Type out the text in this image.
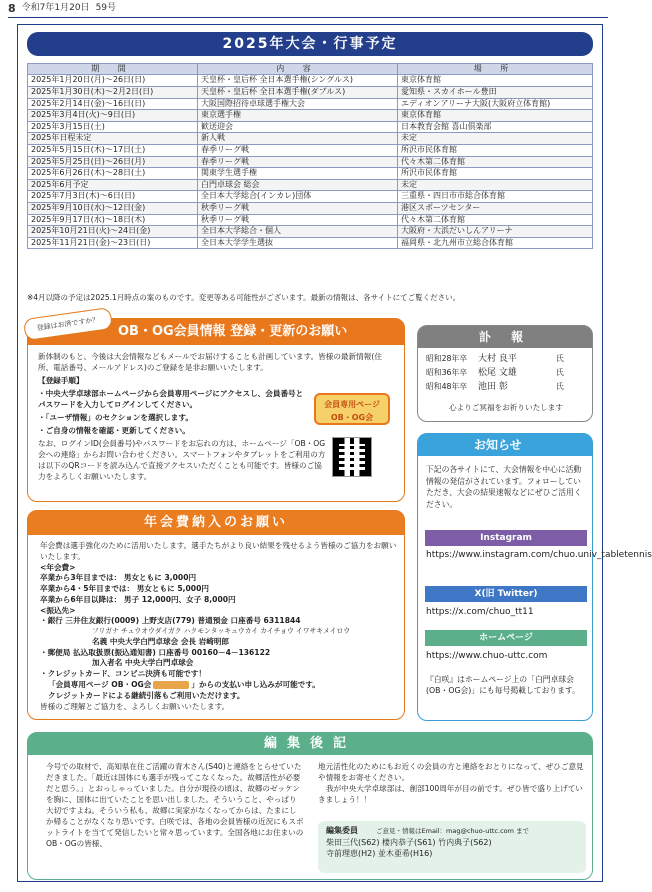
8 令和7年1月20日 59号
2025年大会・行事予定
期 間	内 容	場 所
2025年1月20日(月)～26日(日)	天皇杯・皇后杯 全日本選手権(シングルス)	東京体育館
2025年1月30日(木)～2月2日(日)	天皇杯・皇后杯 全日本選手権(ダブルス)	愛知県・スカイホール豊田
2025年2月14日(金)～16日(日)	大阪国際招待卓球選手権大会	エディオンアリーナ大阪(大阪府立体育館)
2025年3月4日(火)～9日(日)	東京選手権	東京体育館
2025年3月15日(土)	歓送迎会	日本教育会館 喜山倶楽部
2025年日程未定	新人戦	未定
2025年5月15日(木)～17日(土)	春季リーグ戦	所沢市民体育館
2025年5月25日(日)～26日(月)	春季リーグ戦	代々木第二体育館
2025年6月26日(木)～28日(土)	関東学生選手権	所沢市民体育館
2025年6月予定	白門卓球会 総会	未定
2025年7月3日(木)～6日(日)	全日本大学総合(インカレ)団体	三重県・四日市市総合体育館
2025年9月10日(水)～12日(金)	秋季リーグ戦	港区スポーツセンター
2025年9月17日(水)～18日(木)	秋季リーグ戦	代々木第二体育館
2025年10月21日(火)～24日(金)	全日本大学総合・個人	大阪府・大浜だいしんアリーナ
2025年11月21日(金)～23日(日)	全日本大学学生選抜	福岡県・北九州市立総合体育館
※4月以降の予定は2025.1月時点の案のものです。変更等ある可能性がございます。最新の情報は、各サイトにてご覧ください。
OB・OG会員情報 登録・更新のお願い
登録はお済ですか？

新体制のもと、今後は大会情報などもメールでお届けすることも計画しています。皆様の最新情報(住所、電話番号、メールアドレス)のご登録を是非お願いいたします。

【登録手順】

・中央大学卓球部ホームページから会員専用ページにアクセスし、会員番号とパスワードを入力してログインしてください。

・「ユーザ情報」のセクションを選択します。

・ご自身の情報を確認・更新してください。

なお、ログインID(会員番号)やパスワードをお忘れの方は、ホームページ「OB・OG会への連絡」からお問い合わせください。スマートフォンやタブレットをご利用の方は以下のQRコードを読み込んで直接アクセスいただくことも可能です。皆様のご協力をよろしくお願いいたします。

会員専用ページ OB・OG会
年会費納入のお願い
年会費は選手強化のために活用いたします。選手たちがより良い結果を残せるよう皆様のご協力をお願いいたします。
<年会費>
卒業から3年目までは： 男女ともに 3,000円
卒業から4・5年目までは： 男女ともに 5,000円
卒業から6年目以降は： 男子 12,000円、女子 8,000円
<振込先>
・銀行 三井住友銀行(0009) 上野支店(779) 普通預金 口座番号 6311844
フリガナ チュウオウダイガク ハクモンタッキュウカイ カイチョウ イワサキメイロウ
名義 中央大学白門卓球会 会長 岩崎明郎
・郵便局 払込取扱票(振込通知書) 口座番号 00160－4－136122
加入者名 中央大学白門卓球会
・クレジットカード、コンビニ決済も可能です！
「会員専用ページ OB・OG会	」からの支払い申し込みが可能です。
クレジットカードによる継続引落もご利用いただけます。
皆様のご理解とご協力を、よろしくお願いいたします。
訃 報
昭和28年卒	大村 良平	氏
昭和36年卒	松尾 文雄	氏
昭和48年卒	池田 彰	氏
心よりご冥福をお祈りいたします
お知らせ
下記の各サイトにて、大会情報を中心に活動情報の発信がされています。フォローしていただき、大会の結果速報などにぜひご活用ください。
Instagram
https://www.instagram.com/chuo.univ_tabletennis
X(旧 Twitter)
https://x.com/chuo_tt11
ホームページ
https://www.chuo-uttc.com
『白咲』はホームページ上の「白門卓球会(OB・OG会)」にも毎号掲載しております。
編集後記
今号での取材で、高知県在住ご活躍の青木さん(S40)と連絡をとらせていただきました。「最近は国体にも選手が残ってこなくなった。故郷活性が必要だと思う。」とおっしゃっていました。自分が現役の頃は、故郷のゼッケンを胸に、国体に出ていたことを思い出しました。そういうこと、やっぱり大切ですよね。そういう私も、故郷に実家がなくなってからは、たまにしか帰ることがなくなり恐いです。白咲では、各地の会員皆様の近況にもスポットライトを当てて発信したいと常々思っています。全国各地にお住まいのOB・OGの皆様、

地元活性化のためにもお近くの会員の方と連絡をおとりになって、ぜひご意見や情報をお寄せください。

我が中央大学卓球部は、創部100周年が目の前です。ぜひ皆で盛り上げていきましょう！！

編集委員	ご意見・情報はEmail：mag@chuo-uttc.com まで
柴田三代(S62) 棲内恭子(S61) 竹内典子(S62)
寺前理恵(H2) 並木亜希(H16)
